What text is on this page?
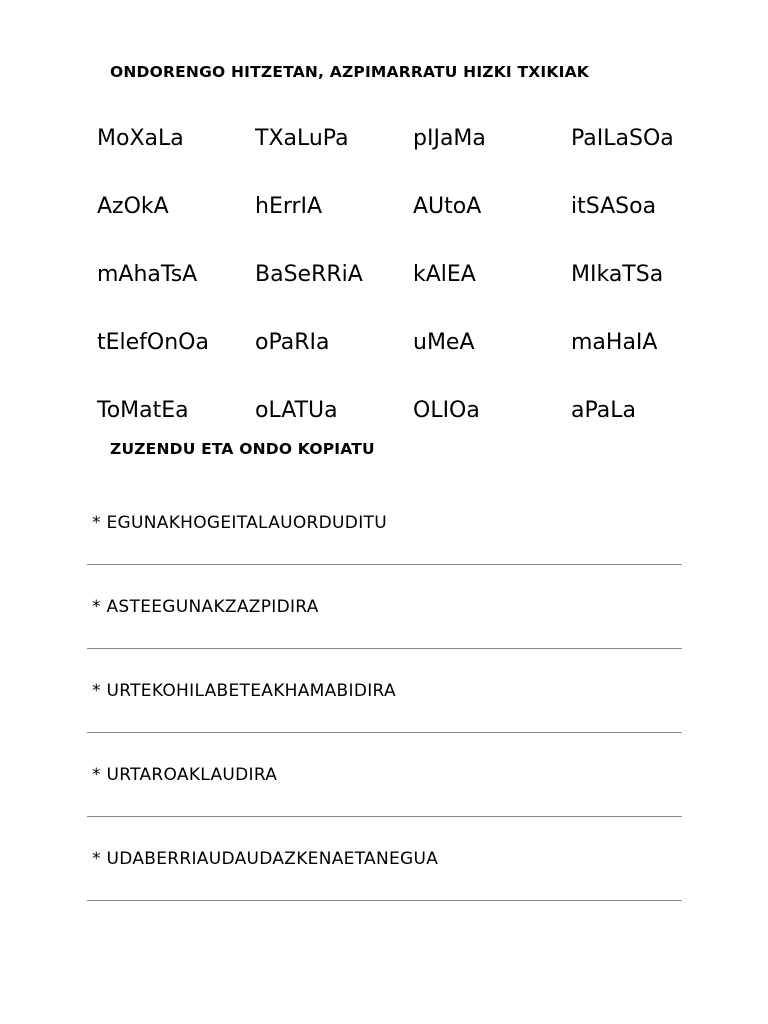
ONDORENGO HITZETAN, AZPIMARRATU HIZKI TXIKIAK
MoXaLa	TXaLuPa	pIJaMa	PaILaSOa
AzOkA	hErrIA	AUtoA	itSASoa
mAhaTsA	BaSeRRiA	kAlEA	MIkaTSa
tElefOnOa	oPaRIa	uMeA	maHaIA
ToMatEa	oLATUa	OLIOa	aPaLa
ZUZENDU ETA ONDO KOPIATU
* EGUNAKHOGEITALAUORDUDITU
* ASTEEGUNAKZAZPIDIRA
* URTEKOHILABETEAKHAMABIDIRA
* URTAROAKLAUDIRA
* UDABERRIAUDAUDAZKENAETANEGUA
